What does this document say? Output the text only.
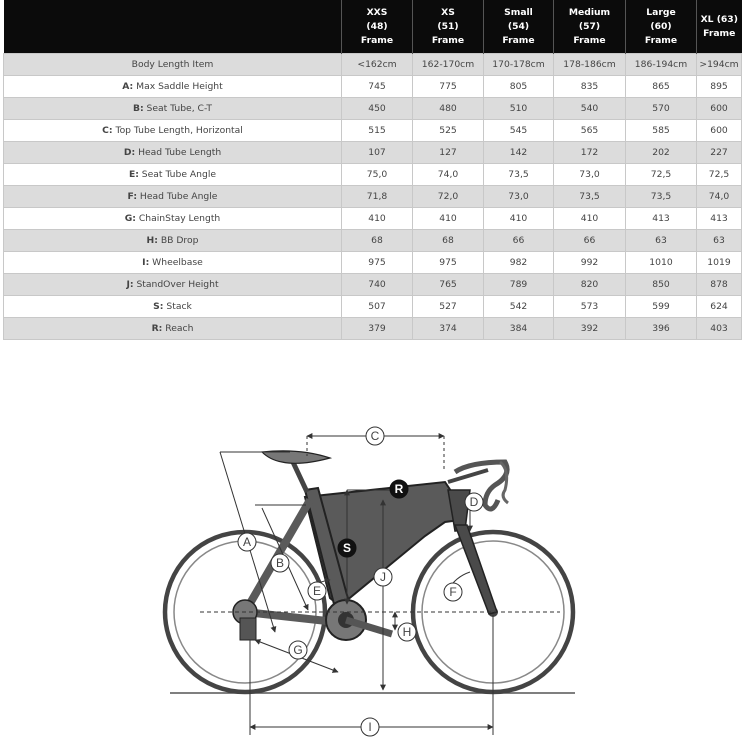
	XXS
(48)
Frame	XS
(51)
Frame	Small
(54)
Frame	Medium
(57)
Frame	Large
(60)
Frame	XL (63)
Frame
Body Length Item	<162cm	162-170cm	170-178cm	178-186cm	186-194cm	>194cm
A: Max Saddle Height	745	775	805	835	865	895
B: Seat Tube, C-T	450	480	510	540	570	600
C: Top Tube Length, Horizontal	515	525	545	565	585	600
D: Head Tube Length	107	127	142	172	202	227
E: Seat Tube Angle	75,0	74,0	73,5	73,0	72,5	72,5
F: Head Tube Angle	71,8	72,0	73,0	73,5	73,5	74,0
G: ChainStay Length	410	410	410	410	413	413
H: BB Drop	68	68	66	66	63	63
I: Wheelbase	975	975	982	992	1010	1019
J: StandOver Height	740	765	789	820	850	878
S: Stack	507	527	542	573	599	624
R: Reach	379	374	384	392	396	403
A
B
C
D
E	F
G
H
I
J
S
R
